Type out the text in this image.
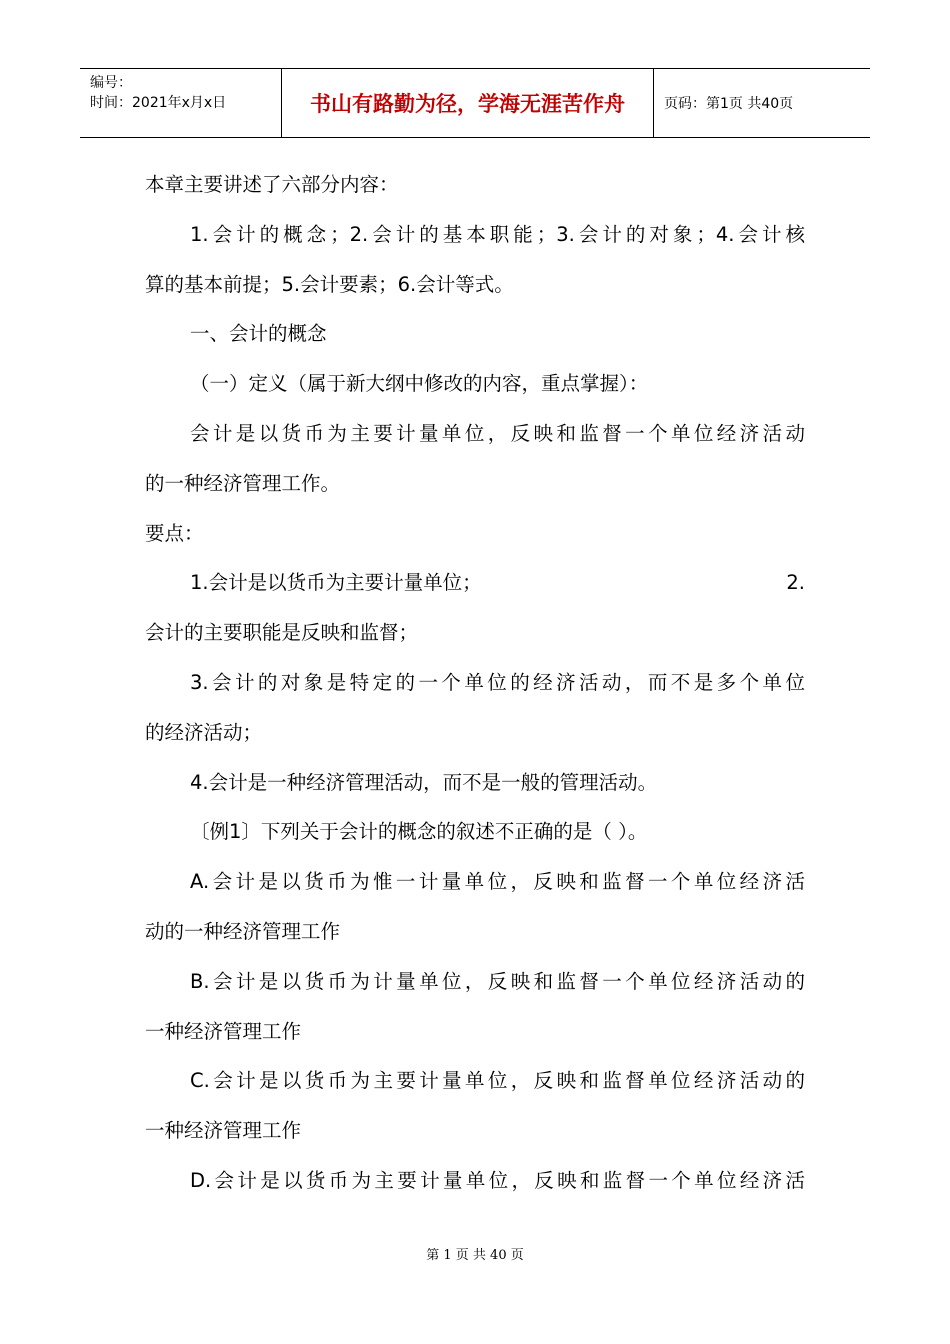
编号：
时间：2021年x月x日	书山有路勤为径，学海无涯苦作舟	页码：第1页 共40页

本章主要讲述了六部分内容：

1.会计的概念；2.会计的基本职能；3.会计的对象；4.会计核

算的基本前提；5.会计要素；6.会计等式。

一、会计的概念

（一）定义（属于新大纲中修改的内容，重点掌握）：

会计是以货币为主要计量单位，反映和监督一个单位经济活动

的一种经济管理工作。

要点：

1.会计是以货币为主要计量单位；	2.

会计的主要职能是反映和监督；

3.会计的对象是特定的一个单位的经济活动，而不是多个单位

的经济活动；

4.会计是一种经济管理活动，而不是一般的管理活动。

〔例1〕下列关于会计的概念的叙述不正确的是（ ）。

A.会计是以货币为惟一计量单位，反映和监督一个单位经济活

动的一种经济管理工作

B.会计是以货币为计量单位，反映和监督一个单位经济活动的

一种经济管理工作

C.会计是以货币为主要计量单位，反映和监督单位经济活动的

一种经济管理工作

D.会计是以货币为主要计量单位，反映和监督一个单位经济活

第 1 页 共 40 页
